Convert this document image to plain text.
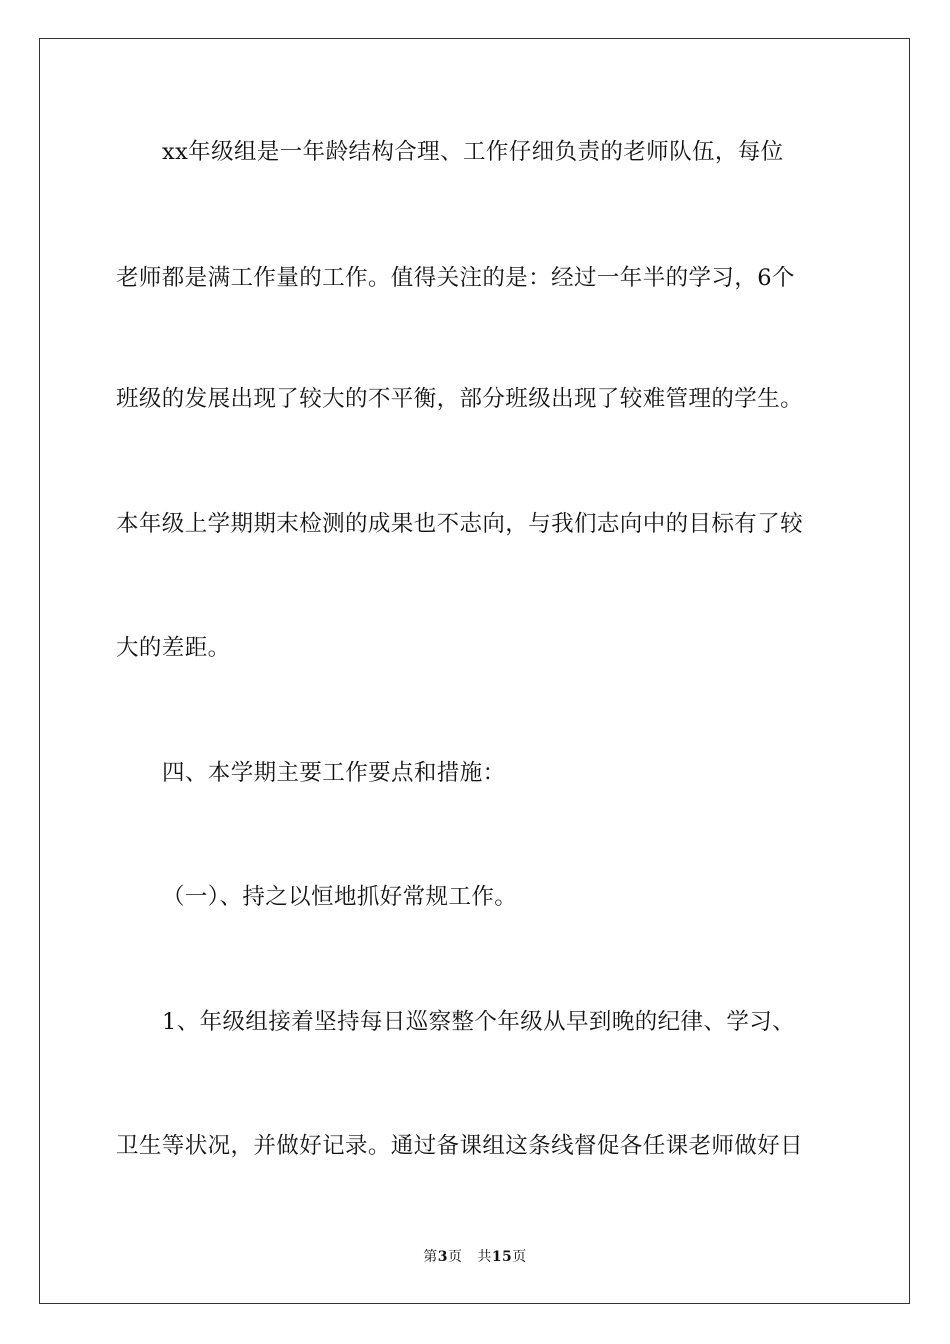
xx年级组是一年龄结构合理、工作仔细负责的老师队伍，每位
老师都是满工作量的工作。值得关注的是：经过一年半的学习，6个
班级的发展出现了较大的不平衡，部分班级出现了较难管理的学生。
本年级上学期期末检测的成果也不志向，与我们志向中的目标有了较
大的差距。
四、本学期主要工作要点和措施：
（一）、持之以恒地抓好常规工作。
1、年级组接着坚持每日巡察整个年级从早到晚的纪律、学习、
卫生等状况，并做好记录。通过备课组这条线督促各任课老师做好日
第3页 共15页
